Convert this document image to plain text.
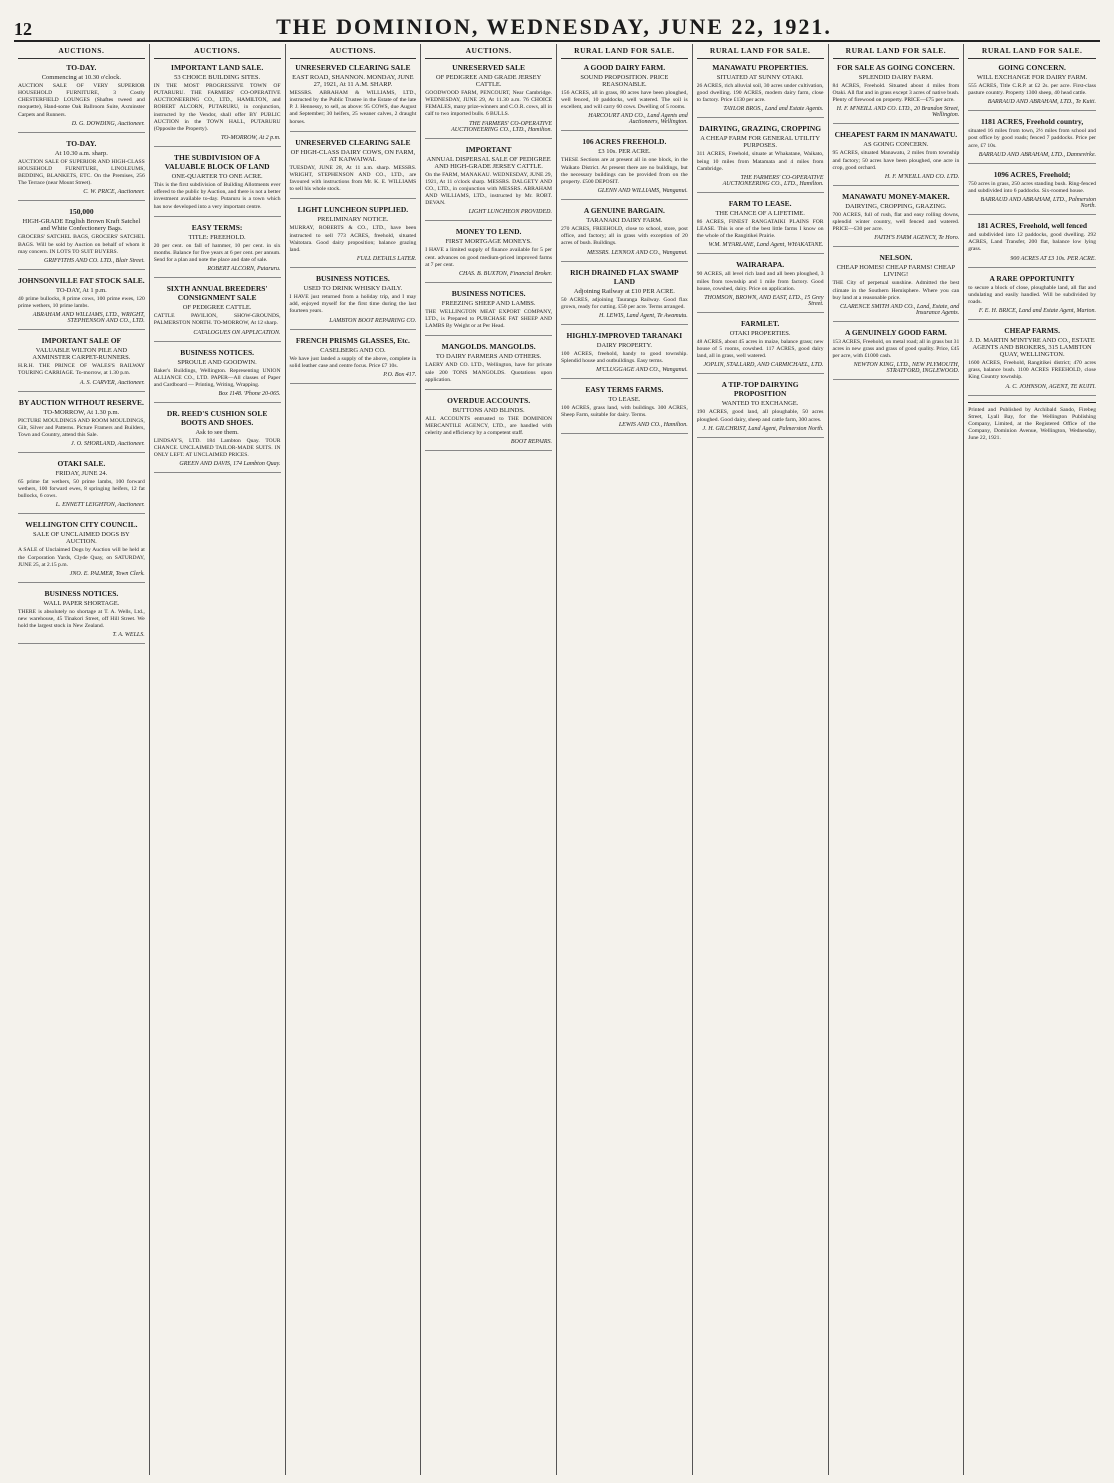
12	THE DOMINION, WEDNESDAY, JUNE 22, 1921.
AUCTIONS.
TO-DAY.
Commencing at 10.30 o'clock.

AUCTION SALE OF VERY SUPERIOR HOUSEHOLD FURNITURE, 3 Costly CHESTERFIELD LOUNGES (Shaftes tweed and moquette), Hand-some Oak Ballroom Suite, Axminster Carpets and Runners.

D. G. DOWDING, Auctioneer.
TO-DAY.
At 10.30 a.m. sharp.

AUCTION SALE OF SUPERIOR AND HIGH-CLASS HOUSEHOLD FURNITURE, LINOLEUMS, BEDDING, BLANKETS, ETC. On the Premises, 256 The Terrace (near Mount Street).

C. W. PRICE, Auctioneer.
150,000
HIGH-GRADE English Brown Kraft Satchel and White Confectionery Bags.

GROCERS' SATCHEL BAGS, GROCERS' SATCHEL BAGS. Will be sold by Auction on behalf of whom it may concern. IN LOTS TO SUIT BUYERS.

GRIFFITHS AND CO. LTD., Blair Street.
JOHNSONVILLE FAT STOCK SALE.
TO-DAY, At 1 p.m.

40 prime bullocks, 8 prime cows, 100 prime ewes, 120 prime wethers, 10 prime lambs.

ABRAHAM AND WILLIAMS, LTD., WRIGHT, STEPHENSON AND CO., LTD.
IMPORTANT SALE OF
VALUABLE WILTON PILE AND AXMINSTER CARPET-RUNNERS.

H.R.H. THE PRINCE OF WALES'S RAILWAY TOURING CARRIAGE. To-morrow, at 1.30 p.m.

A. S. CARVER, Auctioneer.
BY AUCTION WITHOUT RESERVE.
TO-MORROW, At 1.30 p.m.

PICTURE MOULDINGS AND ROOM MOULDINGS, Gilt, Silver and Patterns. Picture Framers and Builders, Town and Country, attend this Sale.

J. O. SHORLAND, Auctioneer.
OTAKI SALE.
FRIDAY, JUNE 24.

65 prime fat wethers, 50 prime lambs, 100 forward wethers, 100 forward ewes, 8 springing heifers, 12 fat bullocks, 6 cows.

L. ENNETT LEIGHTON, Auctioneer.
WELLINGTON CITY COUNCIL.
SALE OF UNCLAIMED DOGS BY AUCTION.

A SALE of Unclaimed Dogs by Auction will be held at the Corporation Yards, Clyde Quay, on SATURDAY, JUNE 25, at 2.15 p.m.

JNO. E. PALMER, Town Clerk.
BUSINESS NOTICES.
WALL PAPER SHORTAGE.

THERE is absolutely no shortage at T. A. Wells, Ltd., new warehouse, 45 Tinakori Street, off Hill Street. We hold the largest stock in New Zealand.

T. A. WELLS.
AUCTIONS.
IMPORTANT LAND SALE.
53 CHOICE BUILDING SITES.

IN THE MOST PROGRESSIVE TOWN OF PUTARURU. THE FARMERS' CO-OPERATIVE AUCTIONEERING CO., LTD., HAMILTON, and ROBERT ALCORN, PUTARURU, in conjunction, instructed by the Vendor, shall offer BY PUBLIC AUCTION in the TOWN HALL, PUTARURU (Opposite the Property).

TO-MORROW, At 2 p.m.
THE SUBDIVISION OF A VALUABLE BLOCK OF LAND
ONE-QUARTER TO ONE ACRE.

This is the first subdivision of Building Allotments ever offered to the public by Auction, and there is not a better investment available to-day. Putaruru is a town which has now developed into a very important centre.

EASY TERMS:
TITLE: FREEHOLD.

20 per cent. on fall of hammer, 10 per cent. in six months. Balance for five years at 6 per cent. per annum. Send for a plan and note the place and date of sale.

ROBERT ALCORN, Putaruru.
SIXTH ANNUAL BREEDERS' CONSIGNMENT SALE
OF PEDIGREE CATTLE.

CATTLE PAVILION, SHOW-GROUNDS, PALMERSTON NORTH. TO-MORROW, At 12 sharp.

CATALOGUES ON APPLICATION.
BUSINESS NOTICES.
SPROULE AND GOODWIN.

Baker's Buildings, Wellington. Representing UNION ALLIANCE CO., LTD. PAPER—All classes of Paper and Cardboard — Printing, Writing, Wrapping.

Box 1148. 'Phone 20-065.
DR. REED'S CUSHION SOLE BOOTS AND SHOES.
Ask to see them.

LINDSAY'S, LTD. 184 Lambton Quay. TOUR CHANCE. UNCLAIMED TAILOR-MADE SUITS. IN ONLY LEFT. AT UNCLAIMED PRICES.

GREEN AND DAVIS, 174 Lambton Quay.
AUCTIONS.
UNRESERVED CLEARING SALE
EAST ROAD, SHANNON. MONDAY, JUNE 27, 1921, At 11 A.M. SHARP.

MESSRS. ABRAHAM & WILLIAMS, LTD., instructed by the Public Trustee in the Estate of the late P. J. Hennessy, to sell, as above: 95 COWS, due August and September; 30 heifers, 25 weaner calves, 2 draught horses.

UNRESERVED CLEARING SALE
OF HIGH-CLASS DAIRY COWS, ON FARM, AT KAIWAIWAI.

TUESDAY, JUNE 28, At 11 a.m. sharp. MESSRS. WRIGHT, STEPHENSON AND CO., LTD., are favoured with instructions from Mr. K. E. WILLIAMS to sell his whole stock.

LIGHT LUNCHEON SUPPLIED.
PRELIMINARY NOTICE.

MURRAY, ROBERTS & CO., LTD., have been instructed to sell 773 ACRES, freehold, situated Waitotara. Good dairy proposition; balance grazing land.

FULL DETAILS LATER.
BUSINESS NOTICES.
USED TO DRINK WHISKY DAILY.

I HAVE just returned from a holiday trip, and I may add, enjoyed myself for the first time during the last fourteen years.

LAMBTON BOOT REPAIRING CO.
FRENCH PRISMS GLASSES, Etc.
CASELBERG AND CO.

We have just landed a supply of the above, complete in solid leather case and centre focus. Price £7 10s.

P.O. Box 417.
AUCTIONS.
UNRESERVED SALE
OF PEDIGREE AND GRADE JERSEY CATTLE.

GOODWOOD FARM, PENCOURT, Near Cambridge. WEDNESDAY, JUNE 29, At 11.30 a.m. 76 CHOICE FEMALES, many prize-winners and C.O.R. cows, all in calf to two imported bulls. 6 BULLS.

THE FARMERS' CO-OPERATIVE AUCTIONEERING CO., LTD., Hamilton.
IMPORTANT
ANNUAL DISPERSAL SALE OF PEDIGREE AND HIGH-GRADE JERSEY CATTLE.

On the FARM, MANAKAU. WEDNESDAY, JUNE 29, 1921, At 11 o'clock sharp. MESSRS. DALGETY AND CO., LTD., in conjunction with MESSRS. ABRAHAM AND WILLIAMS, LTD., instructed by Mr. ROBT. DEVAN.

LIGHT LUNCHEON PROVIDED.
MONEY TO LEND.
FIRST MORTGAGE MONEYS.

I HAVE a limited supply of finance available for 5 per cent. advances on good medium-priced improved farms at 7 per cent.

CHAS. B. BUXTON, Financial Broker.
BUSINESS NOTICES.
FREEZING SHEEP AND LAMBS.

THE WELLINGTON MEAT EXPORT COMPANY, LTD., is Prepared to PURCHASE FAT SHEEP AND LAMBS By Weight or at Per Head.

MANGOLDS. MANGOLDS.
TO DAIRY FARMERS AND OTHERS.

LAERY AND CO. LTD., Wellington, have for private sale 200 TONS MANGOLDS. Quotations upon application.

OVERDUE ACCOUNTS.
BUTTONS AND BLINDS.

ALL ACCOUNTS entrusted to THE DOMINION MERCANTILE AGENCY, LTD., are handled with celerity and efficiency by a competent staff.

BOOT REPAIRS.
RURAL LAND FOR SALE.
A GOOD DAIRY FARM.
SOUND PROPOSITION. PRICE REASONABLE.

156 ACRES, all in grass, 80 acres have been ploughed, well fenced, 10 paddocks, well watered. The soil is excellent, and will carry 60 cows. Dwelling of 5 rooms.

HARCOURT AND CO., Land Agents and Auctioneers, Wellington.
106 ACRES FREEHOLD.
£3 10s. PER ACRE.

THESE Sections are at present all in one block, in the Waikato District. At present there are no buildings, but the necessary buildings can be provided from on the property. £500 DEPOSIT.

GLENN AND WILLIAMS, Wanganui.
A GENUINE BARGAIN.
TARANAKI DAIRY FARM.

270 ACRES, FREEHOLD, close to school, store, post office, and factory; all in grass with exception of 20 acres of bush. Buildings.

MESSRS. LENNOX AND CO., Wanganui.
RICH DRAINED FLAX SWAMP LAND
Adjoining Railway at £10 PER ACRE.

50 ACRES, adjoining Tauranga Railway. Good flax grown, ready for cutting. £50 per acre. Terms arranged.

H. LEWIS, Land Agent, Te Awamutu.
HIGHLY-IMPROVED TARANAKI
DAIRY PROPERTY.

100 ACRES, freehold, handy to good township. Splendid house and outbuildings. Easy terms.

M'CLUGGAGE AND CO., Wanganui.
EASY TERMS FARMS.
TO LEASE.

100 ACRES, grass land, with buildings. 300 ACRES, Sheep Farm, suitable for dairy. Terms.

LEWIS AND CO., Hamilton.
RURAL LAND FOR SALE.
MANAWATU PROPERTIES.
SITUATED AT SUNNY OTAKI.

26 ACRES, rich alluvial soil, 30 acres under cultivation, good dwelling. 190 ACRES, modern dairy farm, close to factory. Price £130 per acre.

TAYLOR BROS., Land and Estate Agents.
DAIRYING, GRAZING, CROPPING
A CHEAP FARM FOR GENERAL UTILITY PURPOSES.

311 ACRES, Freehold, situate at Whakatane, Waikato, being 10 miles from Matamata and 4 miles from Cambridge.

THE FARMERS' CO-OPERATIVE AUCTIONEERING CO., LTD., Hamilton.
FARM TO LEASE.
THE CHANCE OF A LIFETIME.

86 ACRES, FINEST RANGATAIKI PLAINS FOR LEASE. This is one of the best little farms I know on the whole of the Rangitikei Prairie.

W.M. M'FARLANE, Land Agent, WHAKATANE.
WAIRARAPA.

90 ACRES, all level rich land and all been ploughed, 3 miles from township and 1 mile from factory. Good house, cowshed, dairy. Price on application.

THOMSON, BROWN, AND EAST, LTD., 15 Grey Street.
FARMLET.
OTAKI PROPERTIES.

48 ACRES, about 45 acres in maize, balance grass; new house of 5 rooms, cowshed. 117 ACRES, good dairy land, all in grass, well watered.

JOPLIN, STALLARD, AND CARMICHAEL, LTD.
A TIP-TOP DAIRYING PROPOSITION
WANTED TO EXCHANGE.

190 ACRES, good land, all ploughable, 50 acres ploughed. Good dairy, sheep and cattle farm, 300 acres.

J. H. GILCHRIST, Land Agent, Palmerston North.
RURAL LAND FOR SALE.
FOR SALE AS GOING CONCERN.
SPLENDID DAIRY FARM.

84 ACRES, Freehold. Situated about 4 miles from Otaki. All flat and in grass except 3 acres of native bush. Plenty of firewood on property. PRICE—£75 per acre.

H. F. M'NEILL AND CO. LTD., 20 Brandon Street, Wellington.
CHEAPEST FARM IN MANAWATU.
AS GOING CONCERN.

95 ACRES, situated Manawatu, 2 miles from township and factory; 50 acres have been ploughed, one acre in crop, good orchard.

H. F. M'NEILL AND CO. LTD.
MANAWATU MONEY-MAKER.
DAIRYING, CROPPING, GRAZING.

700 ACRES, full of rush, flat and easy rolling downs, splendid winter country, well fenced and watered. PRICE—£30 per acre.

FAITH'S FARM AGENCY, Te Horo.
NELSON.
CHEAP HOMES! CHEAP FARMS! CHEAP LIVING!

THE City of perpetual sunshine. Admitted the best climate in the Southern Hemisphere. Where you can buy land at a reasonable price.

CLARENCE SMITH AND CO., Land, Estate, and Insurance Agents.
A GENUINELY GOOD FARM.

153 ACRES, Freehold, on metal road; all in grass but 31 acres in new grass and grass of good quality. Price, £45 per acre, with £1000 cash.

NEWTON KING, LTD., NEW PLYMOUTH, STRATFORD, INGLEWOOD.
RURAL LAND FOR SALE.
GOING CONCERN.
WILL EXCHANGE FOR DAIRY FARM.

555 ACRES, Title C.R.P. at £2 2s. per acre. First-class pasture country. Property 1300 sheep, 40 head cattle.

BARRAUD AND ABRAHAM, LTD., Te Kuiti.
1181 ACRES, Freehold country,

situated 16 miles from town, 2½ miles from school and post office by good roads; fenced 7 paddocks. Price per acre, £7 10s.

BARRAUD AND ABRAHAM, LTD., Dannevirke.
1096 ACRES, Freehold;

750 acres in grass, 250 acres standing bush. Ring-fenced and subdivided into 6 paddocks. Six-roomed house.

BARRAUD AND ABRAHAM, LTD., Palmerston North.
181 ACRES, Freehold, well fenced

and subdivided into 12 paddocks, good dwelling. 292 ACRES, Land Transfer, 200 flat, balance low lying grass.

900 ACRES AT £3 10s. PER ACRE.
A RARE OPPORTUNITY

to secure a block of close, ploughable land, all flat and undulating and easily handled. Will be subdivided by roads.

F. E. H. BRICE, Land and Estate Agent, Marton.
CHEAP FARMS.
J. D. MARTIN M'INTYRE AND CO., ESTATE AGENTS AND BROKERS, 315 LAMBTON QUAY, WELLINGTON.

1600 ACRES, Freehold, Rangitikei district; 470 acres grass, balance bush. 1100 ACRES FREEHOLD, close King Country township.

A. C. JOHNSON, AGENT, TE KUITI.

Printed and Published by Archibald Sando, Firebeg Street, Lyall Bay, for the Wellington Publishing Company, Limited, at the Registered Office of the Company, Dominion Avenue, Wellington, Wednesday, June 22, 1921.
